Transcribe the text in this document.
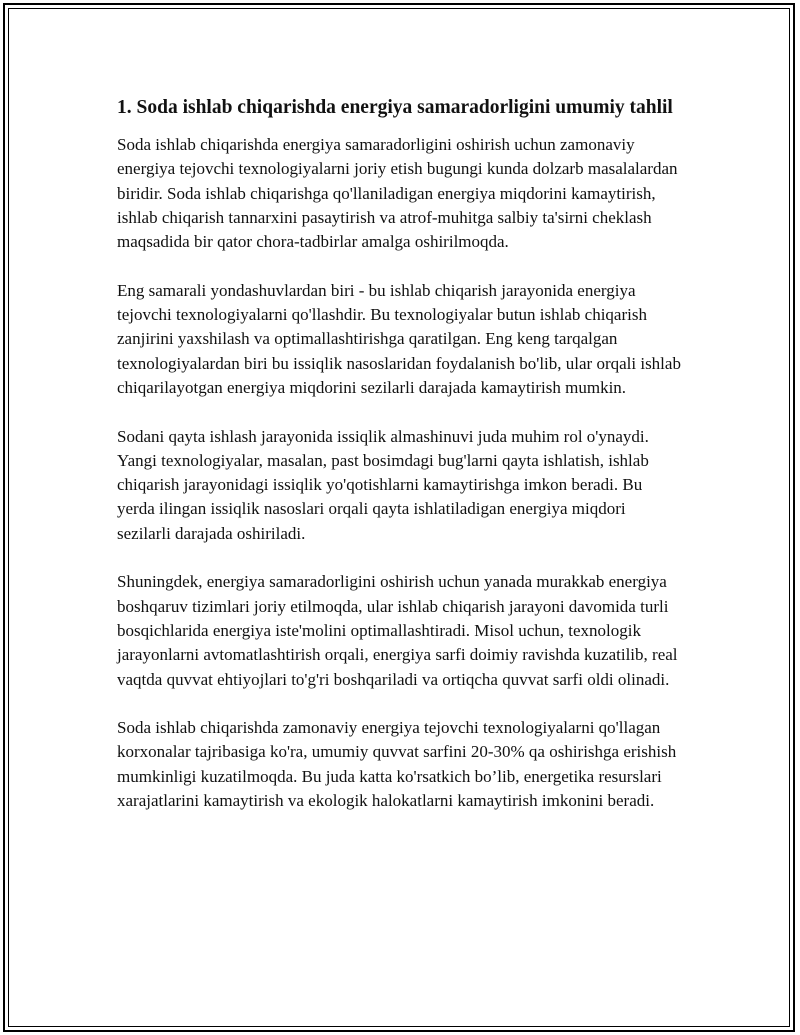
1. Soda ishlab chiqarishda energiya samaradorligini umumiy tahlil

Soda ishlab chiqarishda energiya samaradorligini oshirish uchun zamonaviy energiya tejovchi texnologiyalarni joriy etish bugungi kunda dolzarb masalalardan biridir. Soda ishlab chiqarishga qo'llaniladigan energiya miqdorini kamaytirish, ishlab chiqarish tannarxini pasaytirish va atrof-muhitga salbiy ta'sirni cheklash maqsadida bir qator chora-tadbirlar amalga oshirilmoqda.

Eng samarali yondashuvlardan biri - bu ishlab chiqarish jarayonida energiya tejovchi texnologiyalarni qo'llashdir. Bu texnologiyalar butun ishlab chiqarish zanjirini yaxshilash va optimallashtirishga qaratilgan. Eng keng tarqalgan texnologiyalardan biri bu issiqlik nasoslaridan foydalanish bo'lib, ular orqali ishlab chiqarilayotgan energiya miqdorini sezilarli darajada kamaytirish mumkin.

Sodani qayta ishlash jarayonida issiqlik almashinuvi juda muhim rol o'ynaydi. Yangi texnologiyalar, masalan, past bosimdagi bug'larni qayta ishlatish, ishlab chiqarish jarayonidagi issiqlik yo'qotishlarni kamaytirishga imkon beradi. Bu yerda ilingan issiqlik nasoslari orqali qayta ishlatiladigan energiya miqdori sezilarli darajada oshiriladi.

Shuningdek, energiya samaradorligini oshirish uchun yanada murakkab energiya boshqaruv tizimlari joriy etilmoqda, ular ishlab chiqarish jarayoni davomida turli bosqichlarida energiya iste'molini optimallashtiradi. Misol uchun, texnologik jarayonlarni avtomatlashtirish orqali, energiya sarfi doimiy ravishda kuzatilib, real vaqtda quvvat ehtiyojlari to'g'ri boshqariladi va ortiqcha quvvat sarfi oldi olinadi.

Soda ishlab chiqarishda zamonaviy energiya tejovchi texnologiyalarni qo'llagan korxonalar tajribasiga ko'ra, umumiy quvvat sarfini 20-30% qa oshirishga erishish mumkinligi kuzatilmoqda. Bu juda katta ko'rsatkich bo’lib, energetika resurslari xarajatlarini kamaytirish va ekologik halokatlarni kamaytirish imkonini beradi.
